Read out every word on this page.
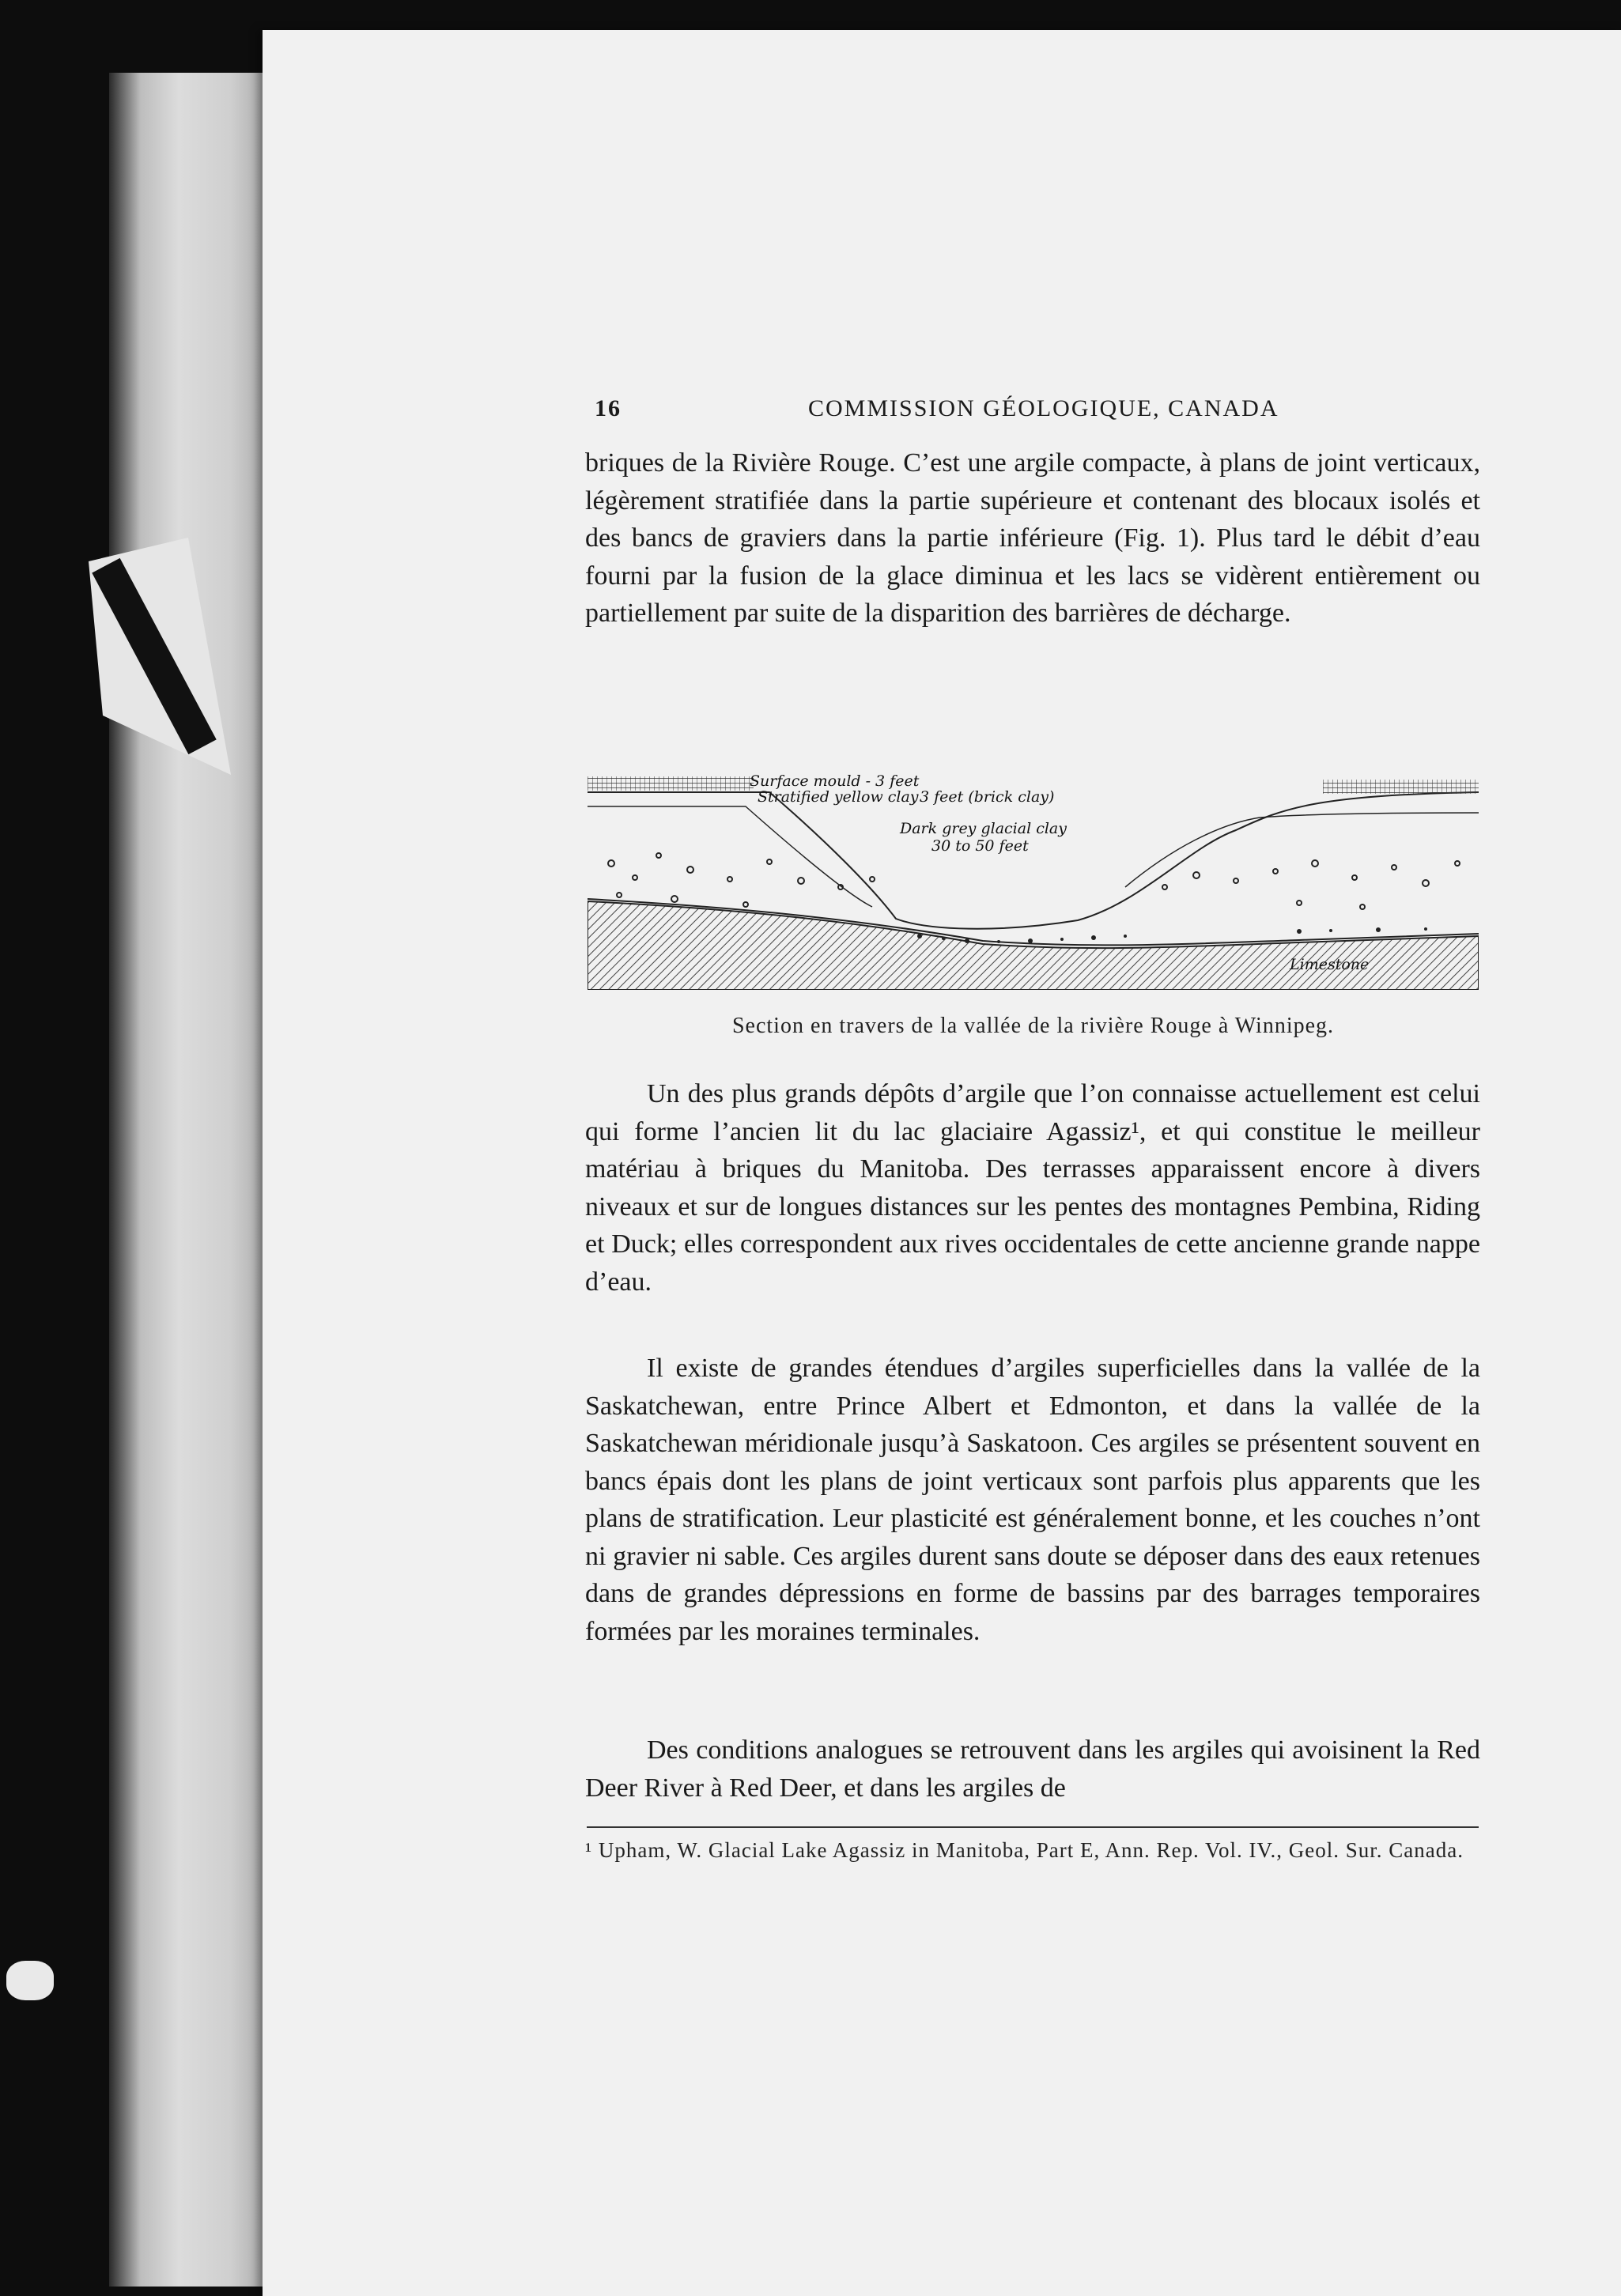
16	COMMISSION GÉOLOGIQUE, CANADA
briques de la Rivière Rouge. C’est une argile compacte, à plans de joint verticaux, légèrement stratifiée dans la partie supérieure et contenant des blocaux isolés et des bancs de graviers dans la partie inférieure (Fig. 1). Plus tard le débit d’eau fourni par la fusion de la glace diminua et les lacs se vidèrent entièrement ou partiellement par suite de la disparition des barrières de décharge.
Surface mould - 3 feet
Stratified yellow clay 3 feet (brick clay)
Dark grey glacial clay
30 to 50 feet
Limestone
Section en travers de la vallée de la rivière Rouge à Winnipeg.
Un des plus grands dépôts d’argile que l’on connaisse actuellement est celui qui forme l’ancien lit du lac glaciaire Agassiz¹, et qui constitue le meilleur matériau à briques du Manitoba. Des terrasses apparaissent encore à divers niveaux et sur de longues distances sur les pentes des montagnes Pembina, Riding et Duck; elles correspondent aux rives occidentales de cette ancienne grande nappe d’eau.
Il existe de grandes étendues d’argiles superficielles dans la vallée de la Saskatchewan, entre Prince Albert et Edmonton, et dans la vallée de la Saskatchewan méridionale jusqu’à Saskatoon. Ces argiles se présentent souvent en bancs épais dont les plans de joint verticaux sont parfois plus apparents que les plans de stratification. Leur plasticité est généralement bonne, et les couches n’ont ni gravier ni sable. Ces argiles durent sans doute se déposer dans des eaux retenues dans de grandes dépressions en forme de bassins par des barrages temporaires formées par les moraines terminales.
Des conditions analogues se retrouvent dans les argiles qui avoisinent la Red Deer River à Red Deer, et dans les argiles de
¹ Upham, W. Glacial Lake Agassiz in Manitoba, Part E, Ann. Rep. Vol. IV., Geol. Sur. Canada.
